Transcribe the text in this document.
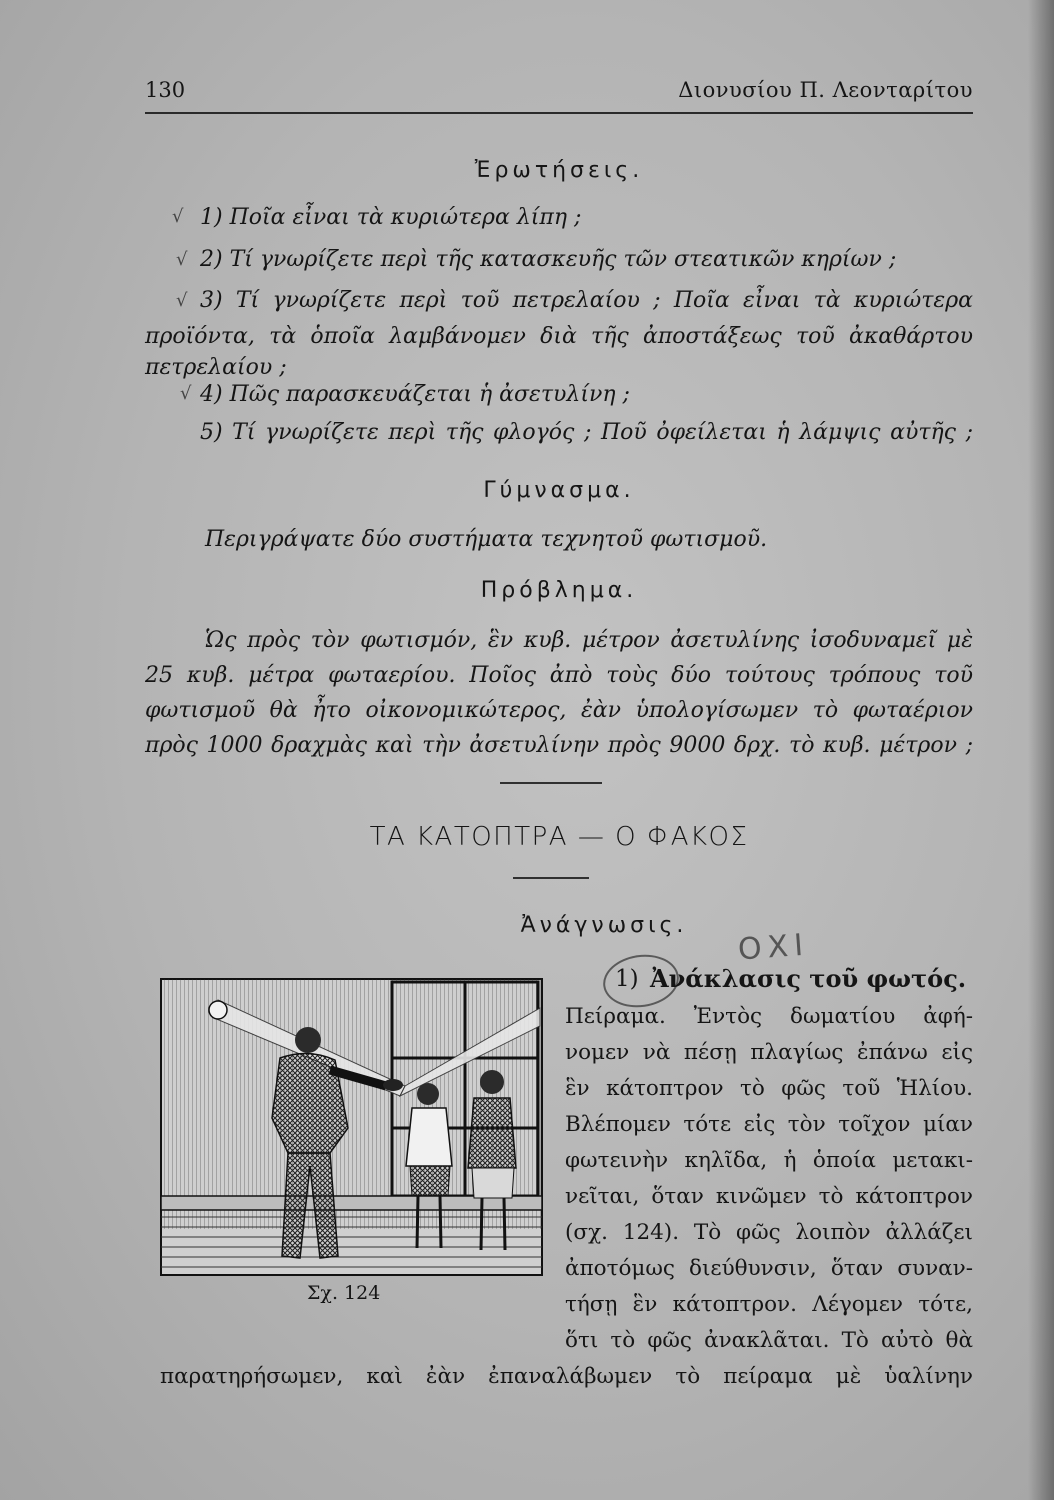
130	Διονυσίου Π. Λεονταρίτου
Ἐρωτήσεις.
√ 1) Ποῖα εἶναι τὰ κυριώτερα λίπη ;
√ 2) Τί γνωρίζετε περὶ τῆς κατασκευῆς τῶν στεατικῶν κηρίων ;
√ 3) Τί γνωρίζετε περὶ τοῦ πετρελαίου ; Ποῖα εἶναι τὰ κυριώτερα
προϊόντα, τὰ ὁποῖα λαμβάνομεν διὰ τῆς ἀποστάξεως τοῦ ἀκαθάρτου
πετρελαίου ;
√ 4) Πῶς παρασκευάζεται ἡ ἀσετυλίνη ;
5) Τί γνωρίζετε περὶ τῆς φλογός ; Ποῦ ὀφείλεται ἡ λάμψις αὐτῆς ;
Γύμνασμα.
Περιγράψατε δύο συστήματα τεχνητοῦ φωτισμοῦ.
Πρόβλημα.
Ὡς πρὸς τὸν φωτισμόν, ἓν κυβ. μέτρον ἀσετυλίνης ἰσοδυναμεῖ μὲ
25 κυβ. μέτρα φωταερίου. Ποῖος ἀπὸ τοὺς δύο τούτους τρόπους τοῦ
φωτισμοῦ θὰ ἦτο οἰκονομικώτερος, ἐὰν ὑπολογίσωμεν τὸ φωταέριον
πρὸς 1000 δραχμὰς καὶ τὴν ἀσετυλίνην πρὸς 9000 δρχ. τὸ κυβ. μέτρον ;
ΤΑ ΚΑΤΟΠΤΡΑ — Ο ΦΑΚΟΣ
Ἀνάγνωσις.
ΟΧΙ
Σχ. 124
1) Ἀνάκλασις τοῦ φωτός.
Πείραμα. Ἐντὸς δωματίου ἀφή-
νομεν νὰ πέσῃ πλαγίως ἐπάνω εἰς
ἓν κάτοπτρον τὸ φῶς τοῦ Ἡλίου.
Βλέπομεν τότε εἰς τὸν τοῖχον μίαν
φωτεινὴν κηλῖδα, ἡ ὁποία μετακι-
νεῖται, ὅταν κινῶμεν τὸ κάτοπτρον
(σχ. 124). Τὸ φῶς λοιπὸν ἀλλάζει
ἀποτόμως διεύθυνσιν, ὅταν συναν-
τήσῃ ἓν κάτοπτρον. Λέγομεν τότε,
ὅτι τὸ φῶς ἀνακλᾶται. Τὸ αὐτὸ θὰ
παρατηρήσωμεν, καὶ ἐὰν ἐπαναλάβωμεν τὸ πείραμα μὲ ὑαλίνην
